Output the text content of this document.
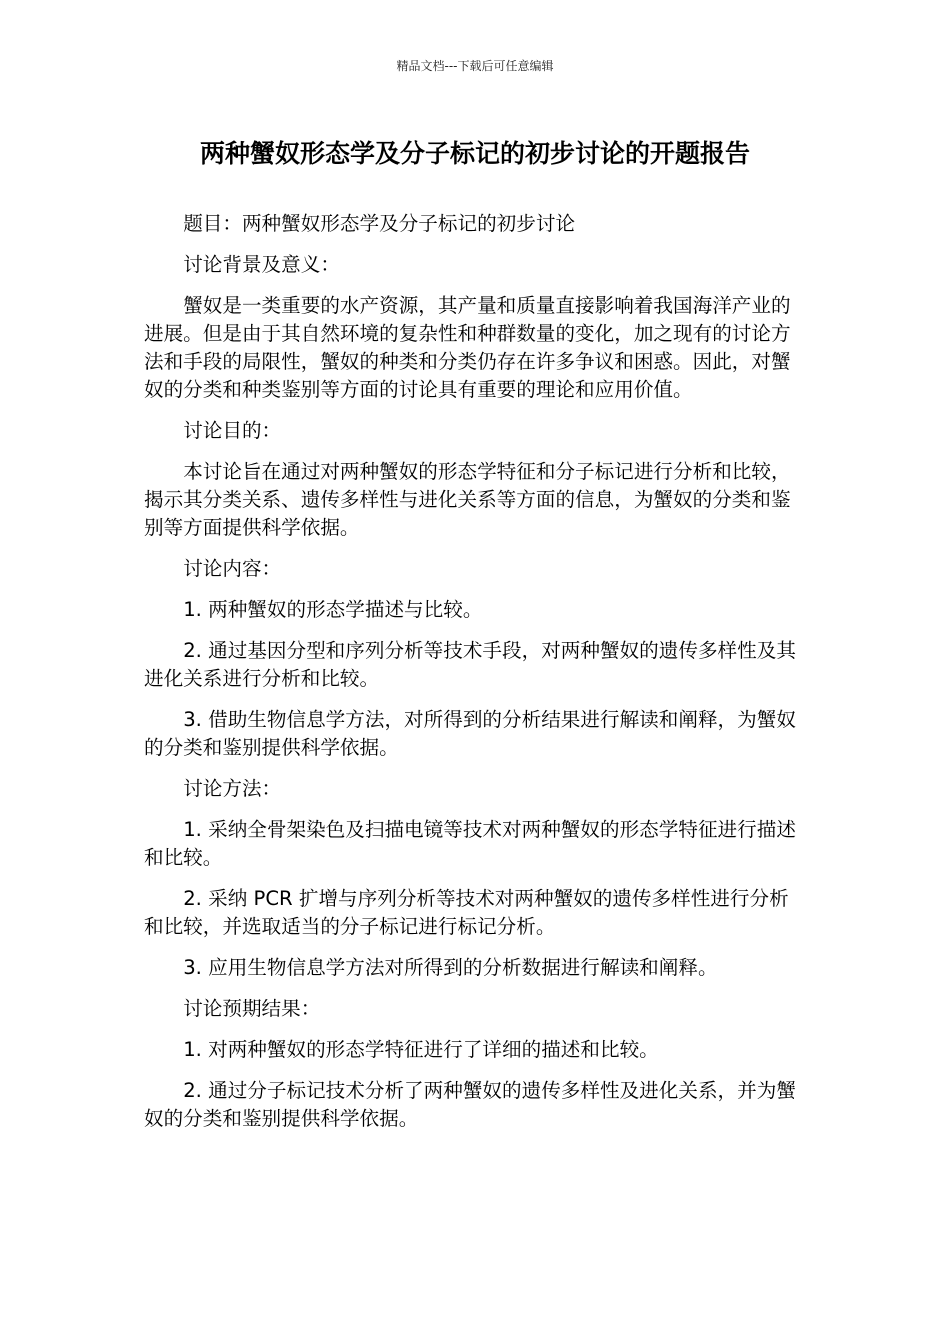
精品文档---下载后可任意编辑
两种蟹奴形态学及分子标记的初步讨论的开题报告

题目：两种蟹奴形态学及分子标记的初步讨论

讨论背景及意义：

蟹奴是一类重要的水产资源，其产量和质量直接影响着我国海洋产业的进展。但是由于其自然环境的复杂性和种群数量的变化，加之现有的讨论方法和手段的局限性，蟹奴的种类和分类仍存在许多争议和困惑。因此，对蟹奴的分类和种类鉴别等方面的讨论具有重要的理论和应用价值。

讨论目的：

本讨论旨在通过对两种蟹奴的形态学特征和分子标记进行分析和比较，揭示其分类关系、遗传多样性与进化关系等方面的信息，为蟹奴的分类和鉴别等方面提供科学依据。

讨论内容：

1. 两种蟹奴的形态学描述与比较。

2. 通过基因分型和序列分析等技术手段，对两种蟹奴的遗传多样性及其进化关系进行分析和比较。

3. 借助生物信息学方法，对所得到的分析结果进行解读和阐释，为蟹奴的分类和鉴别提供科学依据。

讨论方法：

1. 采纳全骨架染色及扫描电镜等技术对两种蟹奴的形态学特征进行描述和比较。

2. 采纳 PCR 扩增与序列分析等技术对两种蟹奴的遗传多样性进行分析和比较，并选取适当的分子标记进行标记分析。

3. 应用生物信息学方法对所得到的分析数据进行解读和阐释。

讨论预期结果：

1. 对两种蟹奴的形态学特征进行了详细的描述和比较。

2. 通过分子标记技术分析了两种蟹奴的遗传多样性及进化关系，并为蟹奴的分类和鉴别提供科学依据。
